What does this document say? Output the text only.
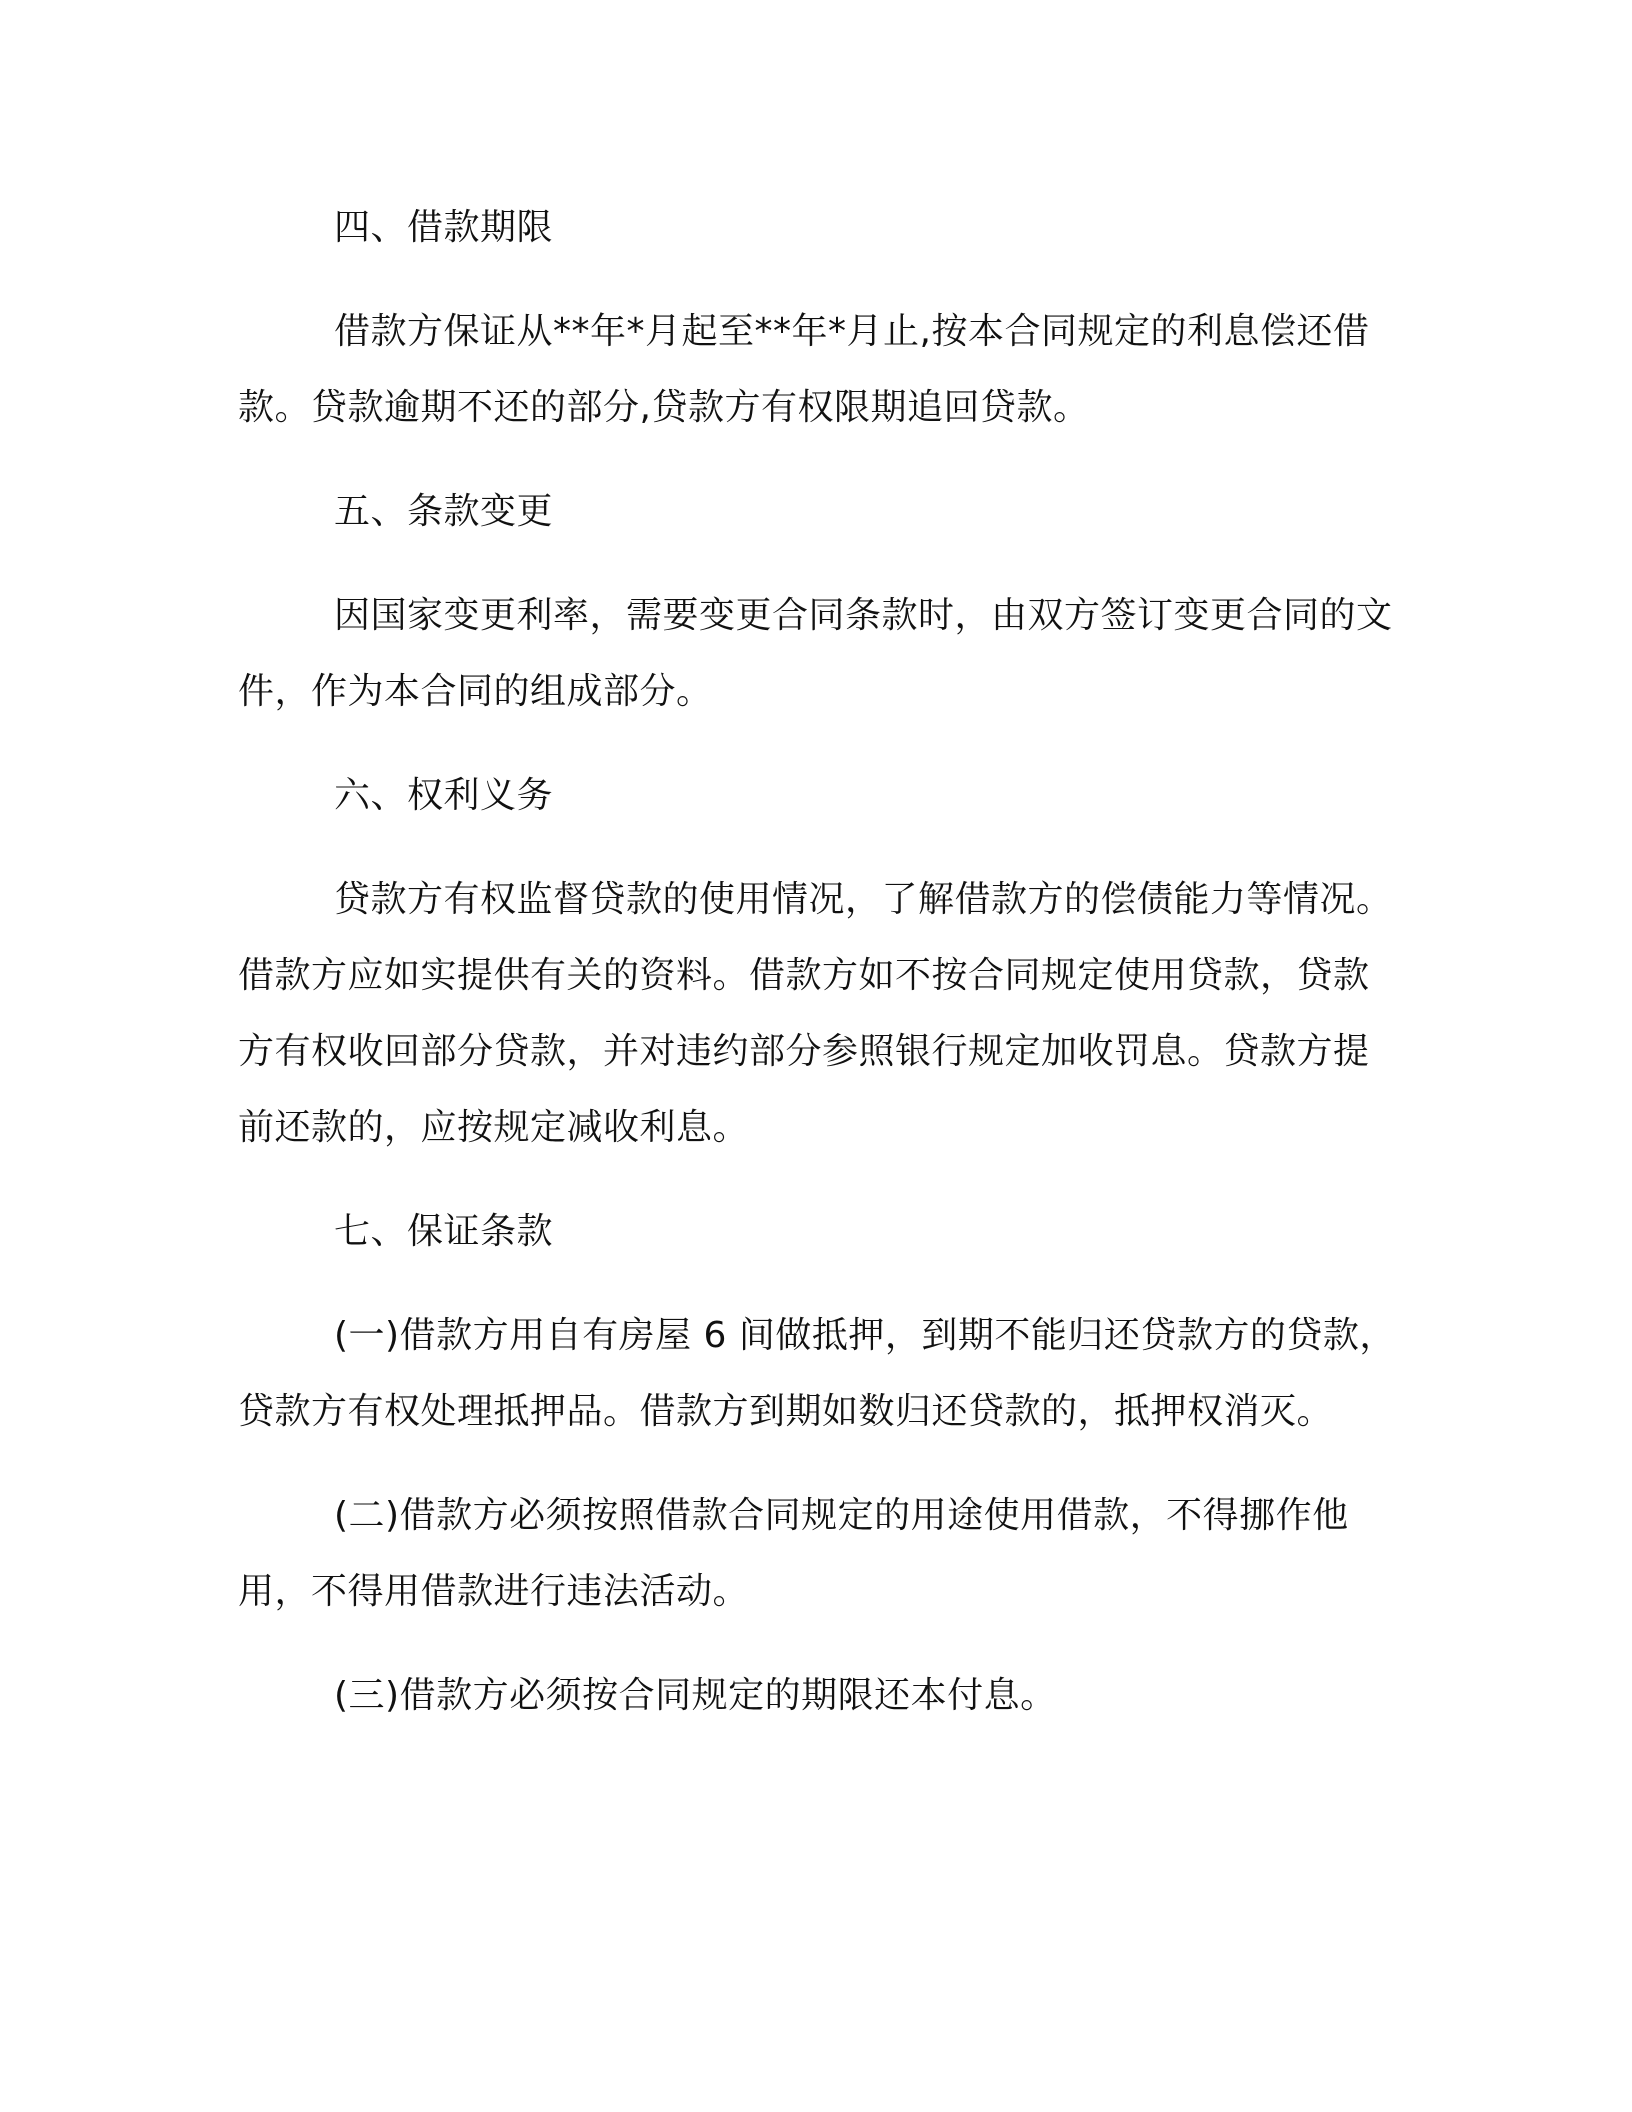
四、借款期限

借款方保证从**年*月起至**年*月止,按本合同规定的利息偿还借款。贷款逾期不还的部分,贷款方有权限期追回贷款。

五、条款变更

因国家变更利率，需要变更合同条款时，由双方签订变更合同的文件，作为本合同的组成部分。

六、权利义务

贷款方有权监督贷款的使用情况，了解借款方的偿债能力等情况。借款方应如实提供有关的资料。借款方如不按合同规定使用贷款，贷款方有权收回部分贷款，并对违约部分参照银行规定加收罚息。贷款方提前还款的，应按规定减收利息。

七、保证条款

(一)借款方用自有房屋 6 间做抵押，到期不能归还贷款方的贷款，贷款方有权处理抵押品。借款方到期如数归还贷款的，抵押权消灭。

(二)借款方必须按照借款合同规定的用途使用借款，不得挪作他用，不得用借款进行违法活动。

(三)借款方必须按合同规定的期限还本付息。
